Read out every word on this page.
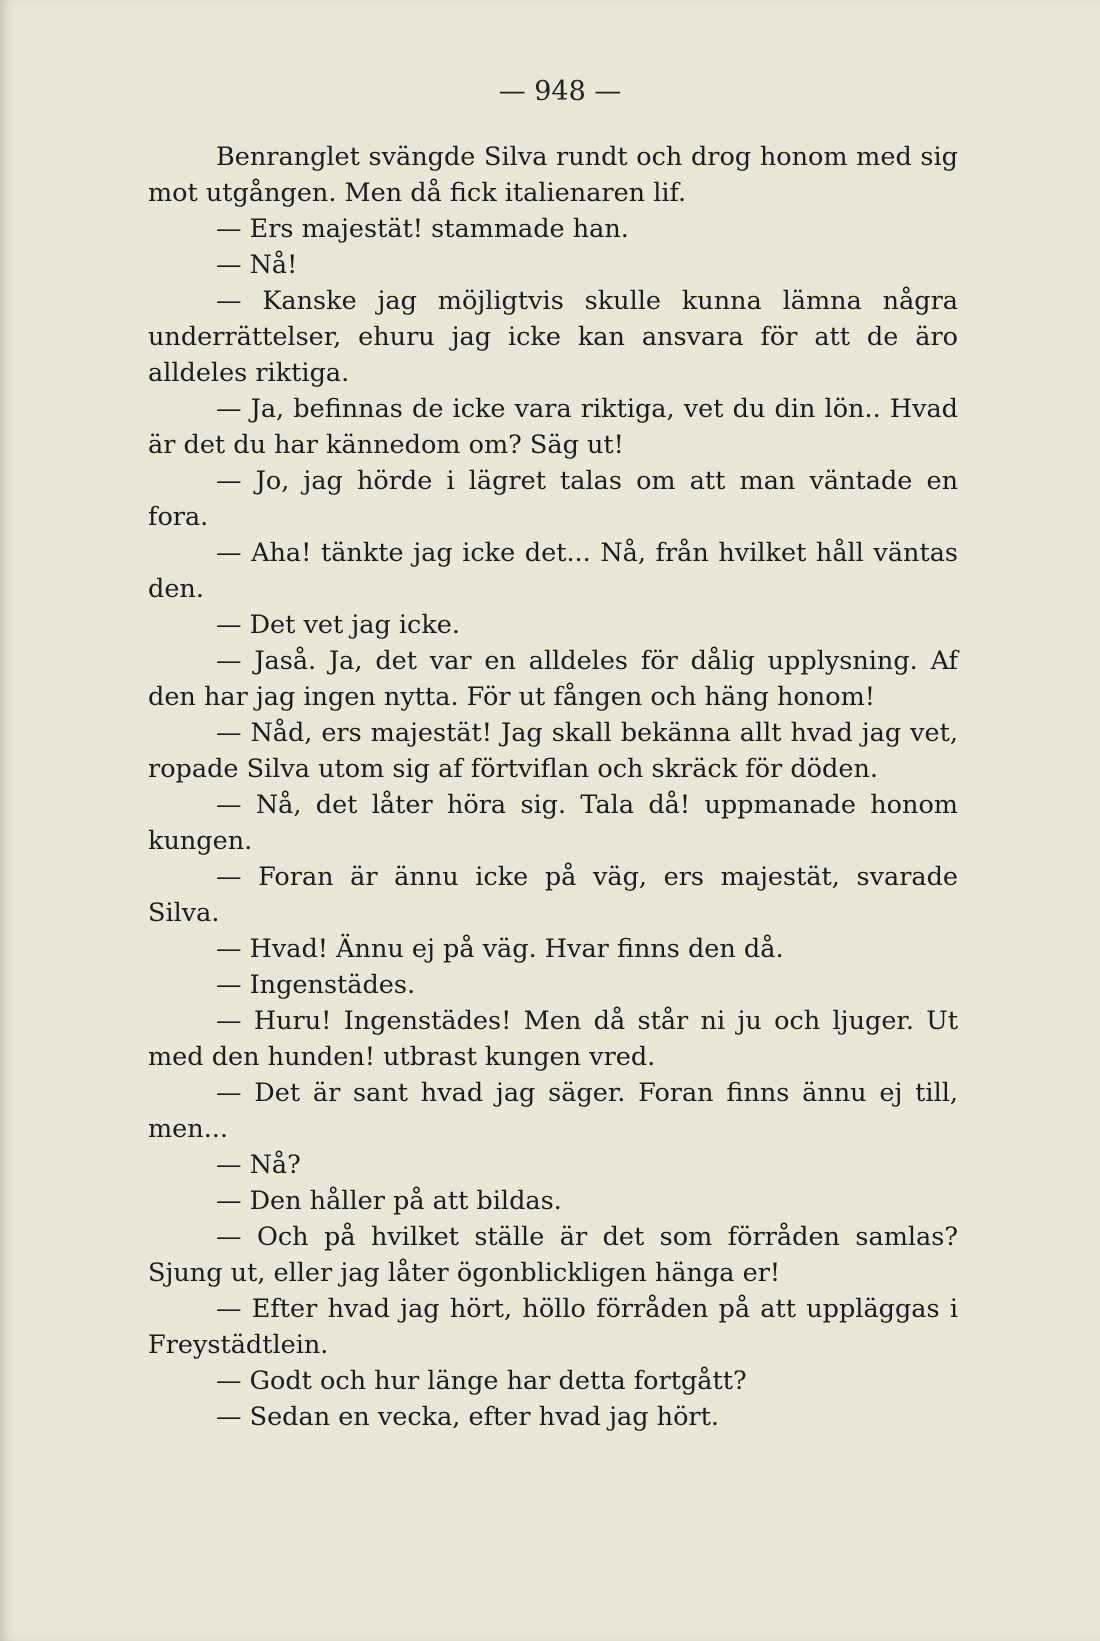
— 948 —

Benranglet svängde Silva rundt och drog honom med sig mot utgången. Men då fick italienaren lif.

— Ers majestät! stammade han.

— Nå!

— Kanske jag möjligtvis skulle kunna lämna några underrättelser, ehuru jag icke kan ansvara för att de äro alldeles riktiga.

— Ja, befinnas de icke vara riktiga, vet du din lön.. Hvad är det du har kännedom om? Säg ut!

— Jo, jag hörde i lägret talas om att man väntade en fora.

— Aha! tänkte jag icke det... Nå, från hvilket håll väntas den.

— Det vet jag icke.

— Jaså. Ja, det var en alldeles för dålig upplysning. Af den har jag ingen nytta. För ut fången och häng honom!

— Nåd, ers majestät! Jag skall bekänna allt hvad jag vet, ropade Silva utom sig af förtviflan och skräck för döden.

— Nå, det låter höra sig. Tala då! uppmanade honom kungen.

— Foran är ännu icke på väg, ers majestät, svarade Silva.

— Hvad! Ännu ej på väg. Hvar finns den då.

— Ingenstädes.

— Huru! Ingenstädes! Men då står ni ju och ljuger. Ut med den hunden! utbrast kungen vred.

— Det är sant hvad jag säger. Foran finns ännu ej till, men...

— Nå?

— Den håller på att bildas.

— Och på hvilket ställe är det som förråden samlas? Sjung ut, eller jag låter ögonblickligen hänga er!

— Efter hvad jag hört, höllo förråden på att uppläggas i Freystädtlein.

— Godt och hur länge har detta fortgått?

— Sedan en vecka, efter hvad jag hört.
